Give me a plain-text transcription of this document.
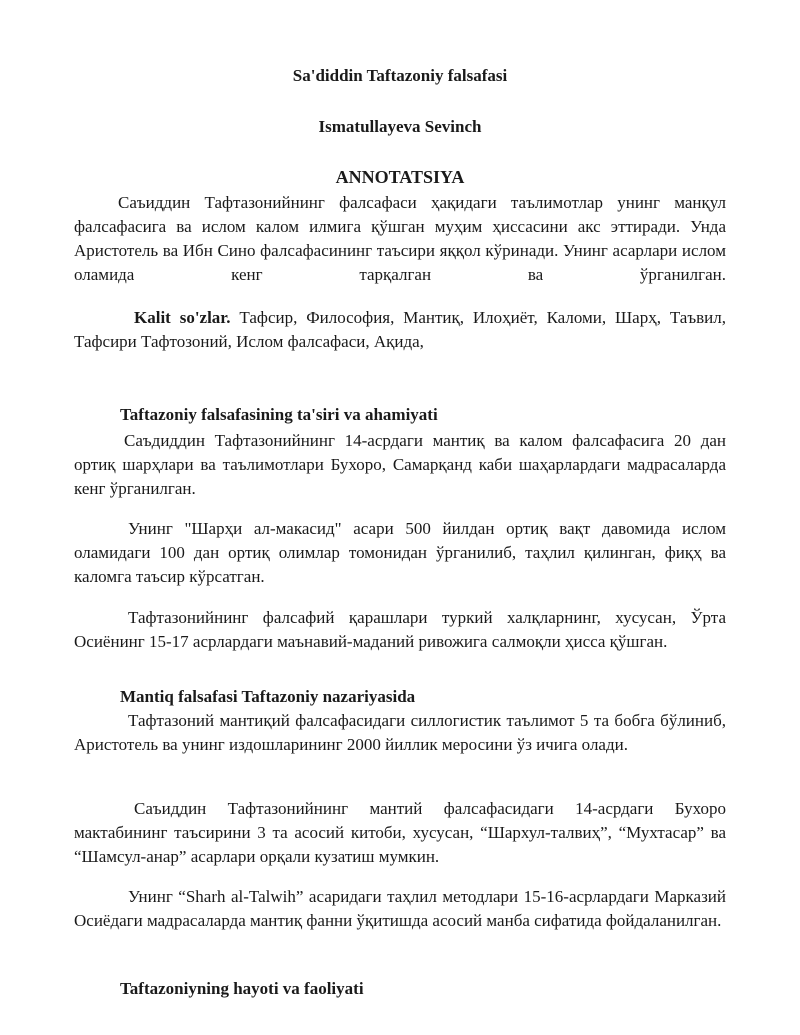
Sa'diddin Taftazoniy falsafasi
Ismatullayeva Sevinch
ANNOTATSIYA

Саъиддин Тафтазонийнинг фалсафаси ҳақидаги таълимотлар унинг манқул фалсафасига ва ислом калом илмига қўшган муҳим ҳиссасини акс эттиради. Унда Аристотель ва Ибн Сино фалсафасининг таъсири яққол кўринади. Унинг асарлари ислом оламида кенг тарқалган ва ўрганилган.

Kalit so'zlar. Тафсир, Философия, Мантиқ, Илоҳиёт, Каломи, Шарҳ, Таъвил, Тафсири Тафтозоний, Ислом фалсафаси, Ақида,

Taftazoniy falsafasining ta'siri va ahamiyati

Саъдиддин Тафтазонийнинг 14-асрдаги мантиқ ва калом фалсафасига 20 дан ортиқ шарҳлари ва таълимотлари Бухоро, Самарқанд каби шаҳарлардаги мадрасаларда кенг ўрганилган.

Унинг "Шарҳи ал-макасид" асари 500 йилдан ортиқ вақт давомида ислом оламидаги 100 дан ортиқ олимлар томонидан ўрганилиб, таҳлил қилинган, фиқҳ ва каломга таъсир кўрсатган.

Тафтазонийнинг фалсафий қарашлари туркий халқларнинг, хусусан, Ўрта Осиёнинг 15-17 асрлардаги маънавий-маданий ривожига салмоқли ҳисса қўшган.

Mantiq falsafasi Taftazoniy nazariyasida

Тафтазоний мантиқий фалсафасидаги силлогистик таълимот 5 та бобга бўлиниб, Аристотель ва унинг издошларининг 2000 йиллик меросини ўз ичига олади.

Саъиддин Тафтазонийнинг мантий фалсафасидаги 14-асрдаги Бухоро мактабининг таъсирини 3 та асосий китоби, хусусан, “Шархул-талвиҳ”, “Мухтасар” ва “Шамсул-анар” асарлари орқали кузатиш мумкин.

Унинг “Sharh al-Talwih” асаридаги таҳлил методлари 15-16-асрлардаги Марказий Осиёдаги мадрасаларда мантиқ фанни ўқитишда асосий манба сифатида фойдаланилган.

Taftazoniyning hayoti va faoliyati
